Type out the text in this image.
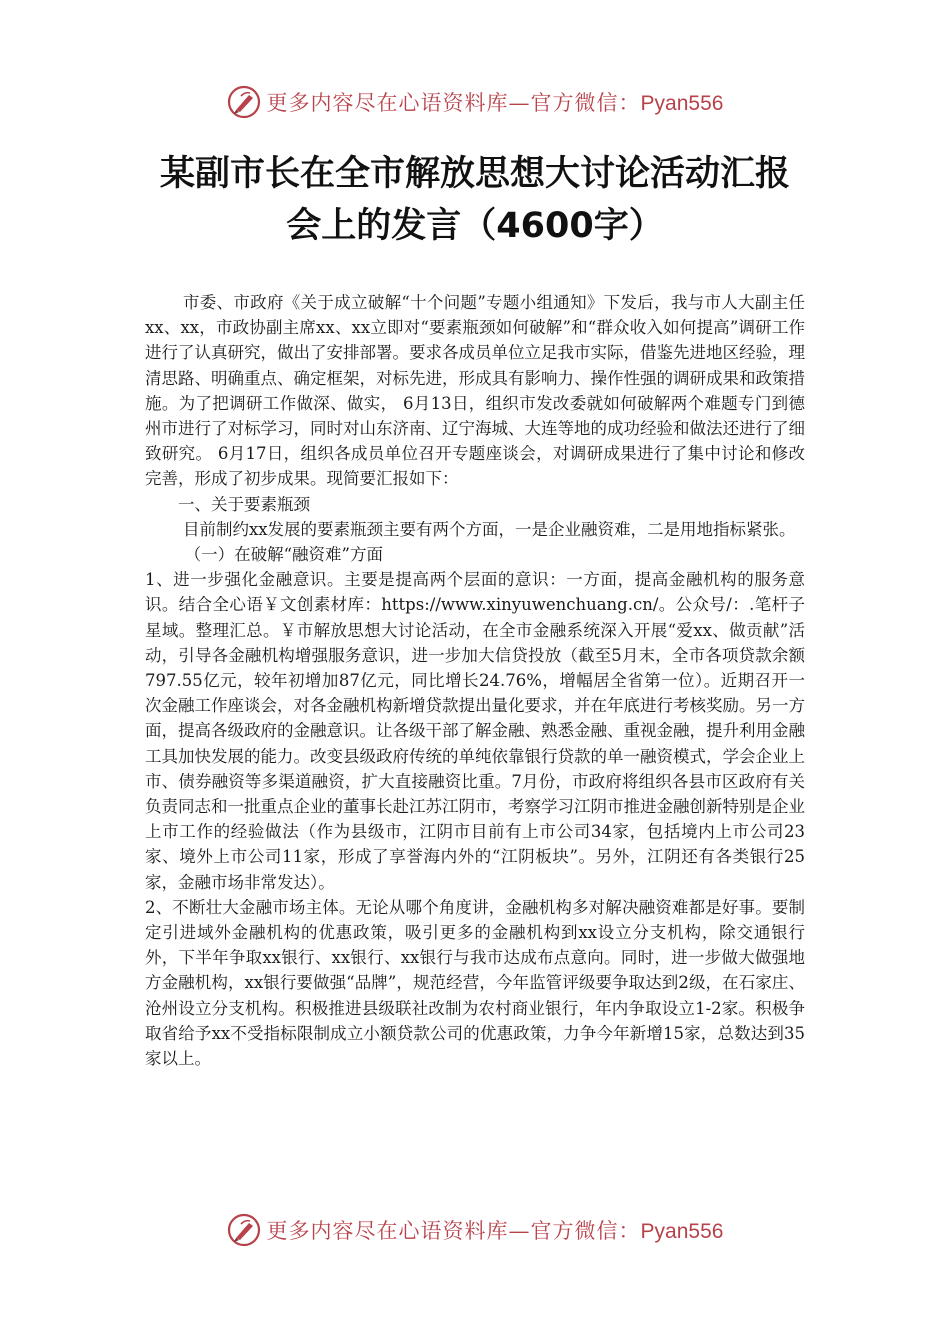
更多内容尽在心语资料库—官方微信：Pyan556
某副市长在全市解放思想大讨论活动汇报
会上的发言（4600字）

市委、市政府《关于成立破解“十个问题”专题小组通知》下发后，我与市人大副主任xx、xx，市政协副主席xx、xx立即对“要素瓶颈如何破解”和“群众收入如何提高”调研工作进行了认真研究，做出了安排部署。要求各成员单位立足我市实际，借鉴先进地区经验，理清思路、明确重点、确定框架，对标先进，形成具有影响力、操作性强的调研成果和政策措施。为了把调研工作做深、做实， 6月13日，组织市发改委就如何破解两个难题专门到德州市进行了对标学习，同时对山东济南、辽宁海城、大连等地的成功经验和做法还进行了细致研究。 6月17日，组织各成员单位召开专题座谈会，对调研成果进行了集中讨论和修改完善，形成了初步成果。现简要汇报如下：

一、关于要素瓶颈

目前制约xx发展的要素瓶颈主要有两个方面，一是企业融资难，二是用地指标紧张。

（一）在破解“融资难”方面

1、进一步强化金融意识。主要是提高两个层面的意识：一方面，提高金融机构的服务意识。结合全心语￥文创素材库：https://www.xinyuwenchuang.cn/。公众号/：.笔杆子星域。整理汇总。￥市解放思想大讨论活动，在全市金融系统深入开展“爱xx、做贡献”活动，引导各金融机构增强服务意识，进一步加大信贷投放（截至5月末，全市各项贷款余额797.55亿元，较年初增加87亿元，同比增长24.76%，增幅居全省第一位）。近期召开一次金融工作座谈会，对各金融机构新增贷款提出量化要求，并在年底进行考核奖励。另一方面，提高各级政府的金融意识。让各级干部了解金融、熟悉金融、重视金融，提升利用金融工具加快发展的能力。改变县级政府传统的单纯依靠银行贷款的单一融资模式，学会企业上市、债券融资等多渠道融资，扩大直接融资比重。7月份，市政府将组织各县市区政府有关负责同志和一批重点企业的董事长赴江苏江阴市，考察学习江阴市推进金融创新特别是企业上市工作的经验做法（作为县级市，江阴市目前有上市公司34家，包括境内上市公司23家、境外上市公司11家，形成了享誉海内外的“江阴板块”。另外，江阴还有各类银行25家，金融市场非常发达）。

2、不断壮大金融市场主体。无论从哪个角度讲，金融机构多对解决融资难都是好事。要制定引进域外金融机构的优惠政策，吸引更多的金融机构到xx设立分支机构，除交通银行外，下半年争取xx银行、xx银行、xx银行与我市达成布点意向。同时，进一步做大做强地方金融机构，xx银行要做强“品牌”，规范经营，今年监管评级要争取达到2级，在石家庄、沧州设立分支机构。积极推进县级联社改制为农村商业银行，年内争取设立1-2家。积极争取省给予xx不受指标限制成立小额贷款公司的优惠政策，力争今年新增15家，总数达到35家以上。

更多内容尽在心语资料库—官方微信：Pyan556
